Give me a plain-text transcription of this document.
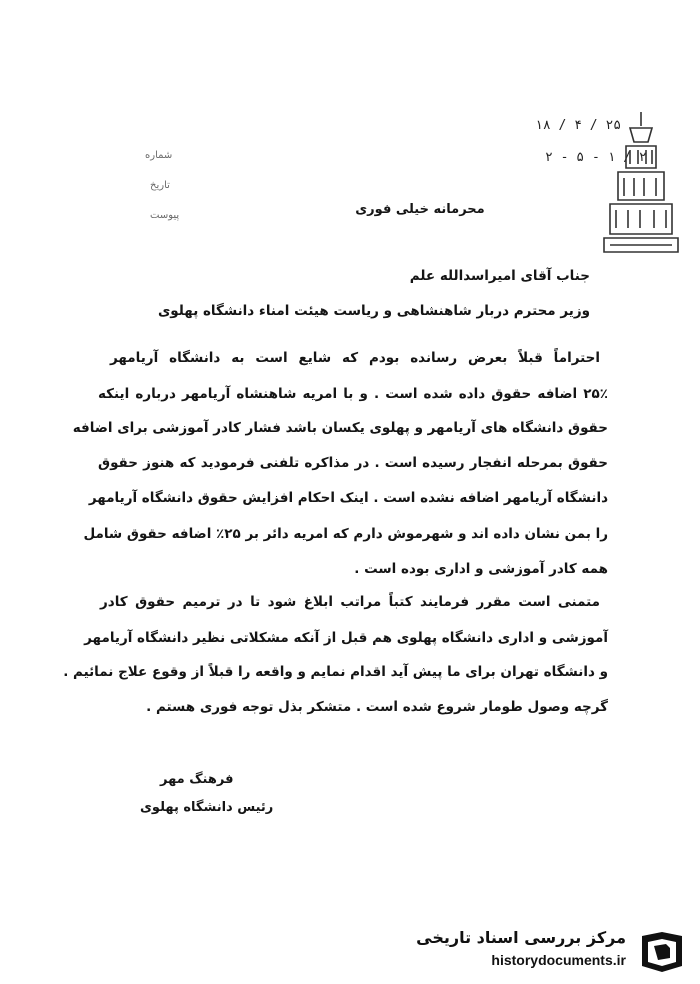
شماره
تاریخ
پیوست
۱۸ / ۴ / ۲۵
۲ - ۵ - ۱ / ۲
محرمانه خیلی فوری
جناب آقای امیراسدالله علم
وزیر محترم دربار شاهنشاهی و ریاست هیئت امناء دانشگاه پهلوی
احتراماً قبلاً بعرض رسانده بودم که شایع است به دانشگاه آریامهر
۲۵٪ اضافه حقوق داده شده است . و با امریه شاهنشاه آریامهر درباره اینکه
حقوق دانشگاه های آریامهر و پهلوی یکسان باشد فشار کادر آموزشی برای اضافه
حقوق بمرحله انفجار رسیده است . در مذاکره تلفنی فرمودید که هنوز حقوق
دانشگاه آریامهر اضافه نشده است . اینک احکام افزایش حقوق دانشگاه آریامهر
را بمن نشان داده اند و شهرموش دارم که امریه دائر بر ۲۵٪ اضافه حقوق شامل
همه کادر آموزشی و اداری بوده است .
متمنی است مقرر فرمایند کتباً مراتب ابلاغ شود تا در ترمیم حقوق کادر
آموزشی و اداری دانشگاه پهلوی هم قبل از آنکه مشکلاتی نظیر دانشگاه آریامهر
و دانشگاه تهران برای ما پیش آید اقدام نمایم و واقعه را قبلاً از وقوع علاج نمائیم .
گرچه وصول طومار شروع شده است . متشکر بذل توجه فوری هستم .
فرهنگ مهر
رئیس دانشگاه پهلوی
مرکز بررسی اسناد تاریخی
historydocuments.ir
